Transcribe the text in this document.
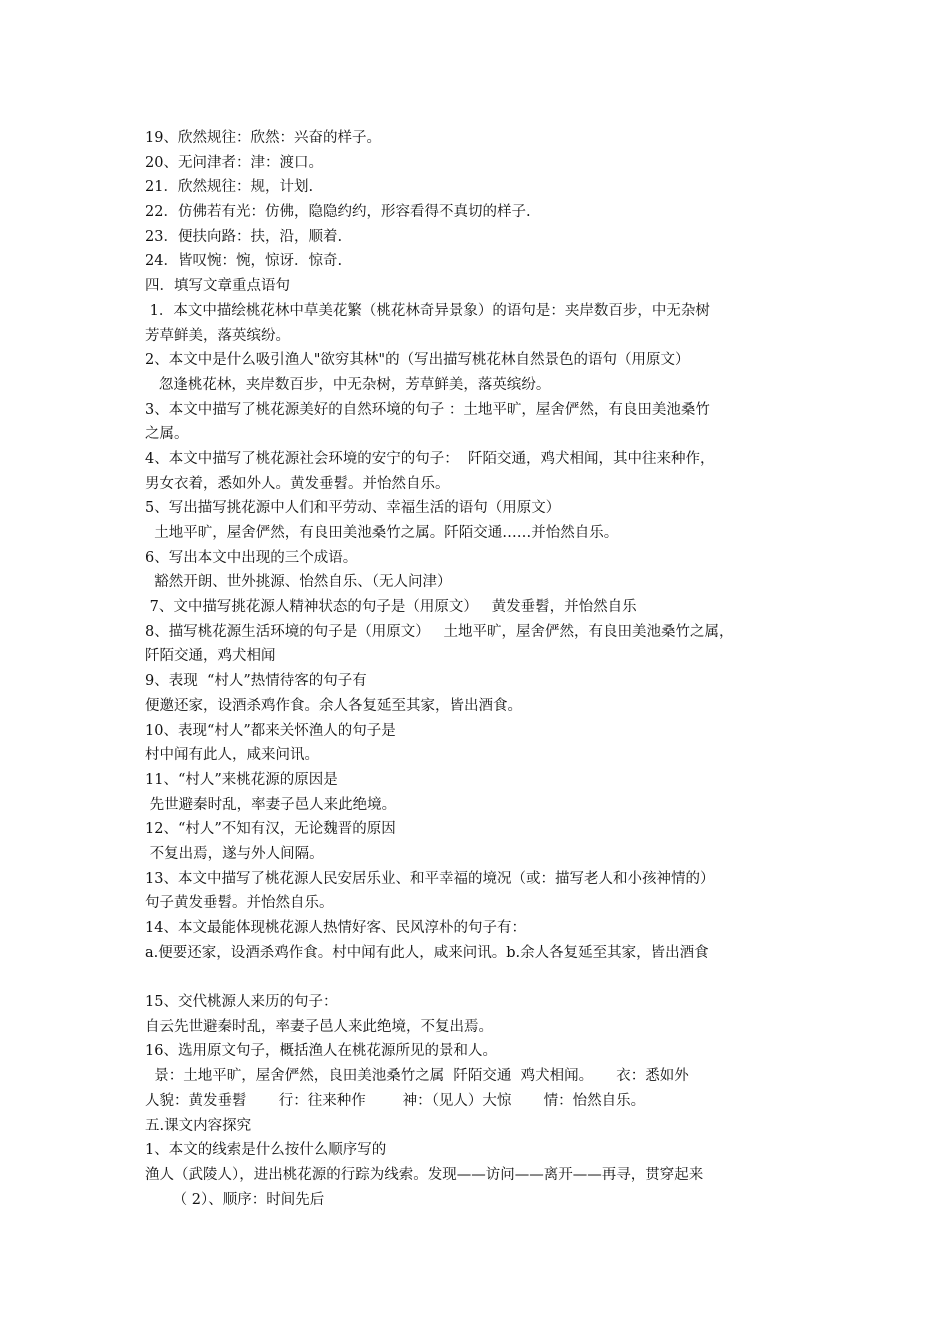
19、欣然规往：欣然：兴奋的样子。
20、无问津者：津：渡口。
21．欣然规往：规，计划.
22．仿佛若有光：仿佛，隐隐约约，形容看得不真切的样子.
23．便扶向路：扶，沿，顺着.
24．皆叹惋：惋，惊讶．惊奇.
四．填写文章重点语句
1．本文中描绘桃花林中草美花繁（桃花林奇异景象）的语句是：夹岸数百步，中无杂树
芳草鲜美，落英缤纷。
2、本文中是什么吸引渔人"欲穷其林"的（写出描写桃花林自然景色的语句（用原文）
忽逢桃花林，夹岸数百步，中无杂树，芳草鲜美，落英缤纷。
3、本文中描写了桃花源美好的自然环境的句子 ：土地平旷，屋舍俨然，有良田美池桑竹
之属。
4、本文中描写了桃花源社会环境的安宁的句子：  阡陌交通，鸡犬相闻，其中往来种作，
男女衣着，悉如外人。黄发垂髫。并怡然自乐。
5、写出描写挑花源中人们和平劳动、幸福生活的语句（用原文）
土地平旷，屋舍俨然，有良田美池桑竹之属。阡陌交通……并怡然自乐。
6、写出本文中出现的三个成语。
豁然开朗、世外挑源、怡然自乐、（无人问津）
7、文中描写挑花源人精神状态的句子是（用原文）   黄发垂髫，并怡然自乐
8、描写桃花源生活环境的句子是（用原文）   土地平旷，屋舍俨然，有良田美池桑竹之属，
阡陌交通，鸡犬相闻
9、表现  “村人”热情待客的句子有
便邀还家，设酒杀鸡作食。余人各复延至其家，皆出酒食。
10、表现“村人”都来关怀渔人的句子是
村中闻有此人，咸来问讯。
11、“村人”来桃花源的原因是
先世避秦时乱，率妻子邑人来此绝境。
12、“村人”不知有汉，无论魏晋的原因
不复出焉，遂与外人间隔。
13、本文中描写了桃花源人民安居乐业、和平幸福的境况（或：描写老人和小孩神情的）
句子黄发垂髫。并怡然自乐。
14、本文最能体现桃花源人热情好客、民风淳朴的句子有：
a.便要还家，设酒杀鸡作食。村中闻有此人，咸来问讯。b.余人各复延至其家，皆出酒食
15、交代桃源人来历的句子：
自云先世避秦时乱，率妻子邑人来此绝境，不复出焉。
16、选用原文句子，概括渔人在桃花源所见的景和人。
景：土地平旷，屋舍俨然，良田美池桑竹之属  阡陌交通  鸡犬相闻。     衣：悉如外
人貌：黄发垂髫       行：往来种作        神：（见人）大惊       情：怡然自乐。
五.课文内容探究
1、本文的线索是什么按什么顺序写的
渔人（武陵人），进出桃花源的行踪为线索。发现——访问——离开——再寻，贯穿起来
（ 2）、顺序：时间先后
